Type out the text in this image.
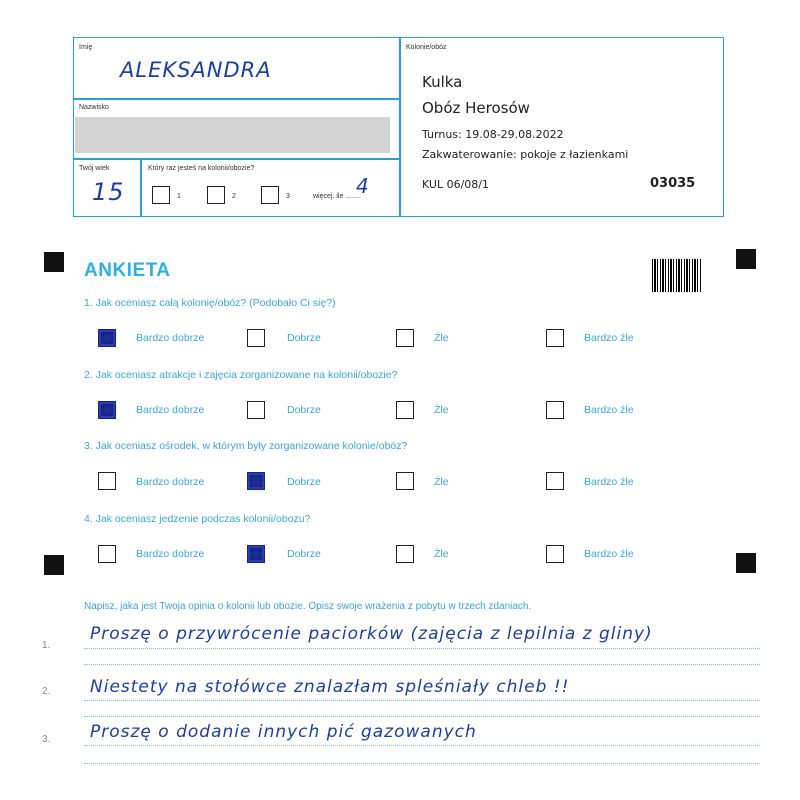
Imię
ALEKSANDRA
Nazwisko
Twój wiek
15
Który raz jesteś na kolonii/obozie?
1	2	3	więcej, ile ........
4
Kolonie/obóz
Kulka
Obóz Herosów
Turnus: 19.08-29.08.2022
Zakwaterowanie: pokoje z łazienkami
KUL 06/08/1	03035
ANKIETA
1. Jak oceniasz całą kolonię/obóz? (Podobało Ci się?)
Bardzo dobrze	Dobrze	Źle	Bardzo źle
2. Jak oceniasz atrakcje i zajęcia zorganizowane na kolonii/obozie?
Bardzo dobrze	Dobrze	Źle	Bardzo źle
3. Jak oceniasz ośrodek, w którym były zorganizowane kolonie/obóz?
Bardzo dobrze	Dobrze	Źle	Bardzo źle
4. Jak oceniasz jedzenie podczas kolonii/obozu?
Bardzo dobrze	Dobrze	Źle	Bardzo źle
Napisz, jaka jest Twoja opinia o kolonii lub obozie. Opisz swoje wrażenia z pobytu w trzech zdaniach.
1.
Proszę o przywrócenie paciorków (zajęcia z lepilnia z gliny)
2. Niestety na stołówce znalazłam spleśniały chleb !!
3. Proszę o dodanie innych pić gazowanych
